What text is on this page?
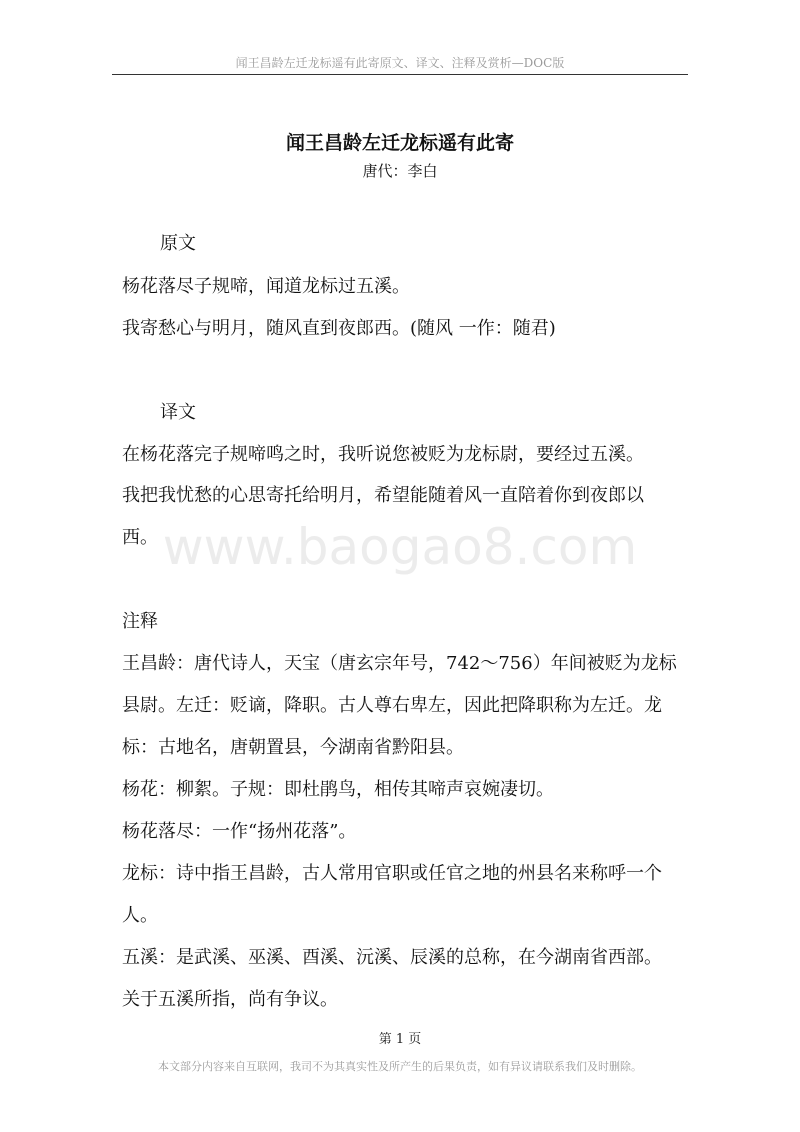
闻王昌龄左迁龙标遥有此寄原文、译文、注释及赏析—DOC版
www.baogao8.com
闻王昌龄左迁龙标遥有此寄
唐代：李白
原文
杨花落尽子规啼，闻道龙标过五溪。
我寄愁心与明月，随风直到夜郎西。(随风 一作：随君)
译文
在杨花落完子规啼鸣之时，我听说您被贬为龙标尉，要经过五溪。
我把我忧愁的心思寄托给明月，希望能随着风一直陪着你到夜郎以
西。
注释
王昌龄：唐代诗人，天宝（唐玄宗年号，742～756）年间被贬为龙标
县尉。左迁：贬谪，降职。古人尊右卑左，因此把降职称为左迁。龙
标：古地名，唐朝置县，今湖南省黔阳县。
杨花：柳絮。子规：即杜鹃鸟，相传其啼声哀婉凄切。
杨花落尽：一作“扬州花落”。
龙标：诗中指王昌龄，古人常用官职或任官之地的州县名来称呼一个
人。
五溪：是武溪、巫溪、酉溪、沅溪、辰溪的总称，在今湖南省西部。
关于五溪所指，尚有争议。
第 1 页
本文部分内容来自互联网，我司不为其真实性及所产生的后果负责，如有异议请联系我们及时删除。
